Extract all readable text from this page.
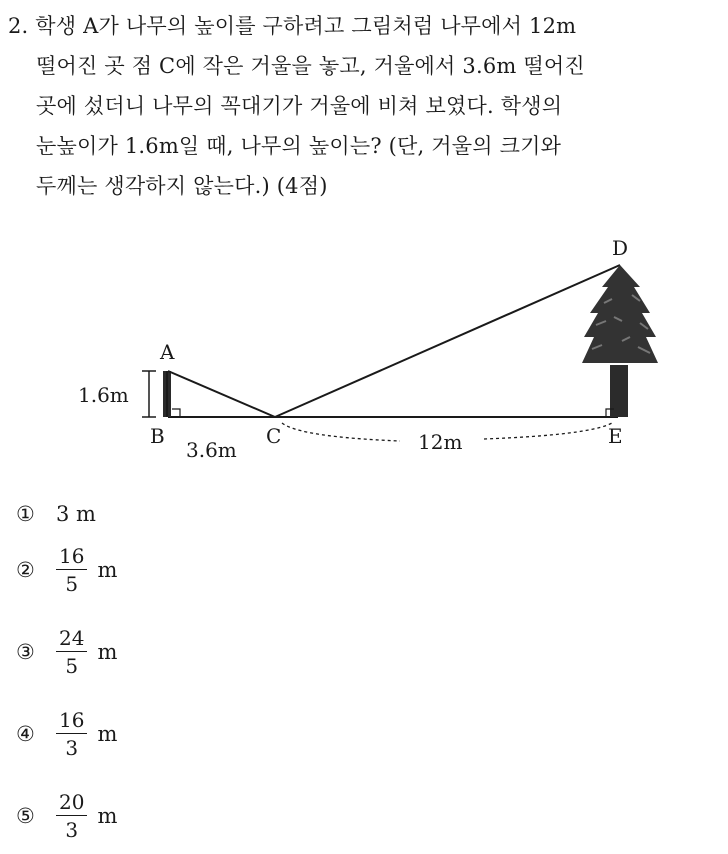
2. 학생 A가 나무의 높이를 구하려고 그림처럼 나무에서 12m
떨어진 곳 점 C에 작은 거울을 놓고, 거울에서 3.6m 떨어진
곳에 섰더니 나무의 꼭대기가 거울에 비쳐 보였다. 학생의
눈높이가 1.6m일 때, 나무의 높이는? (단, 거울의 크기와
두께는 생각하지 않는다.) (4점)
A
B	C
D
E
1.6m
3.6m	12m
①	3 m
②	$\frac{16}{5}$ m
③	$\frac{24}{5}$ m
④	$\frac{16}{3}$ m
⑤	$\frac{20}{3}$ m
